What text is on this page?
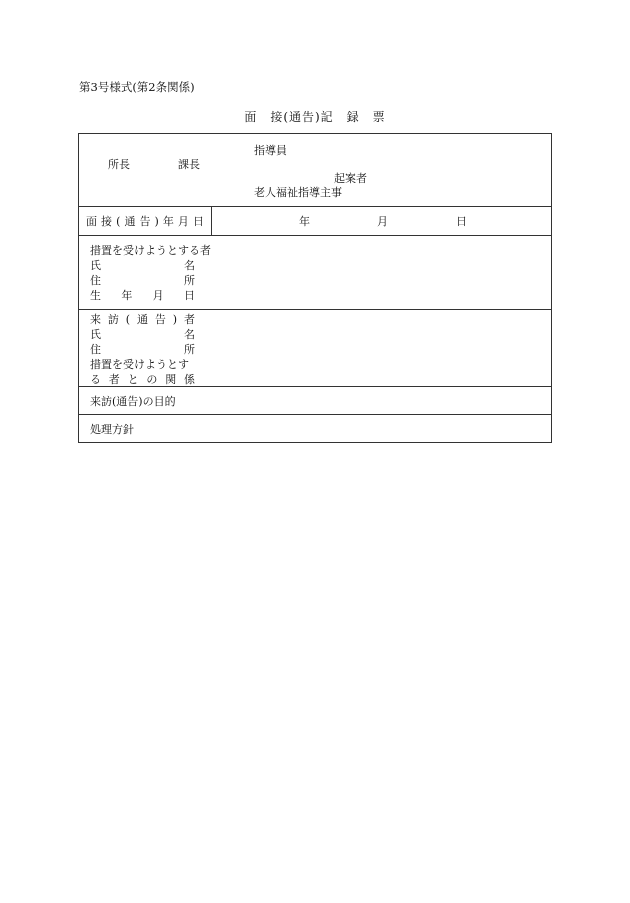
第3号様式(第2条関係)
面　接(通告)記　録　票
指導員
所長	課長
起案者
老人福祉指導主事
面 接 ( 通 告 ) 年 月 日	年	月	日
措置を受けようとする者
氏	名
住	所
生 年 月 日
来 訪 ( 通 告 ) 者
氏	名
住	所
措置を受けようとす
る 者 と の 関 係
来訪(通告)の目的
処理方針
